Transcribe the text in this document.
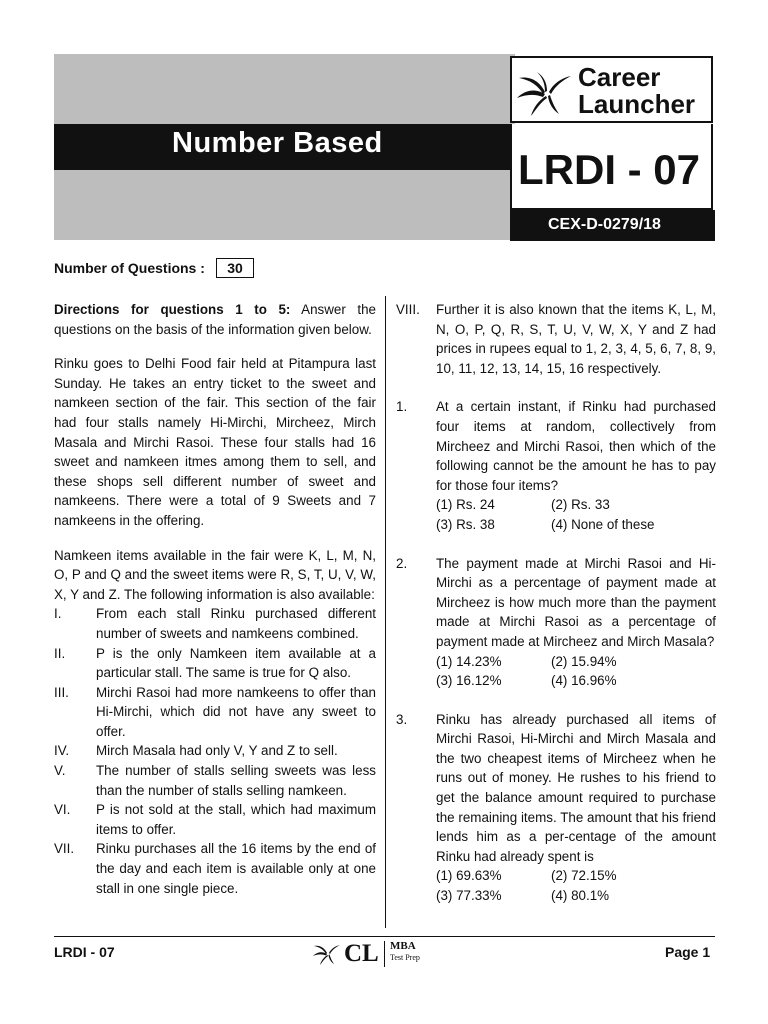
Number Based
Career
Launcher
LRDI - 07
CEX-D-0279/18
Number of Questions :	30

Directions for questions 1 to 5: Answer the questions on the basis of the information given below.

Rinku goes to Delhi Food fair held at Pitampura last Sunday. He takes an entry ticket to the sweet and namkeen section of the fair. This section of the fair had four stalls namely Hi-Mirchi, Mircheez, Mirch Masala and Mirchi Rasoi. These four stalls had 16 sweet and namkeen itmes among them to sell, and these shops sell different number of sweet and namkeens. There were a total of 9 Sweets and 7 namkeens in the offering.

Namkeen items available in the fair were K, L, M, N, O, P and Q and the sweet items were R, S, T, U, V, W, X, Y and Z. The following information is also available:

I.	From each stall Rinku purchased different number of sweets and namkeens combined.
II.	P is the only Namkeen item available at a particular stall. The same is true for Q also.
III.	Mirchi Rasoi had more namkeens to offer than Hi-Mirchi, which did not have any sweet to offer.
IV.	Mirch Masala had only V, Y and Z to sell.
V.	The number of stalls selling sweets was less than the number of stalls selling namkeen.
VI.	P is not sold at the stall, which had maximum items to offer.
VII.	Rinku purchases all the 16 items by the end of the day and each item is available only at one stall in one single piece.
VIII.	Further it is also known that the items K, L, M, N, O, P, Q, R, S, T, U, V, W, X, Y and Z had prices in rupees equal to 1, 2, 3, 4, 5, 6, 7, 8, 9, 10, 11, 12, 13, 14, 15, 16 respectively.
1.	At a certain instant, if Rinku had purchased four items at random, collectively from Mircheez and Mirchi Rasoi, then which of the following cannot be the amount he has to pay for those four items?
(1) Rs. 24	(2) Rs. 33
(3) Rs. 38	(4) None of these
2.	The payment made at Mirchi Rasoi and Hi-Mirchi as a percentage of payment made at Mircheez is how much more than the payment made at Mirchi Rasoi as a percentage of payment made at Mircheez and Mirch Masala?
(1) 14.23%	(2) 15.94%
(3) 16.12%	(4) 16.96%
3.	Rinku has already purchased all items of Mirchi Rasoi, Hi-Mirchi and Mirch Masala and the two cheapest items of Mircheez when he runs out of money. He rushes to his friend to get the balance amount required to purchase the remaining items. The amount that his friend lends him as a per-centage of the amount Rinku had already spent is
(1) 69.63%	(2) 72.15%
(3) 77.33%	(4) 80.1%
LRDI - 07	CL MBA
Test Prep	Page 1
